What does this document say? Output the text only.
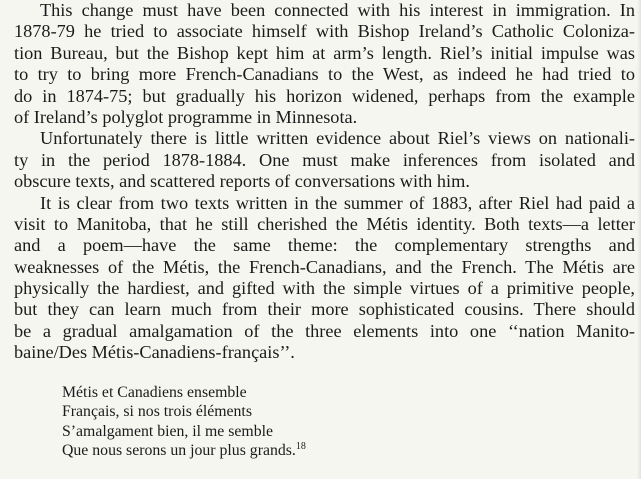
This change must have been connected with his interest in immigration. In
1878-79 he tried to associate himself with Bishop Ireland’s Catholic Coloniza-
tion Bureau, but the Bishop kept him at arm’s length. Riel’s initial impulse was
to try to bring more French-Canadians to the West, as indeed he had tried to
do in 1874-75; but gradually his horizon widened, perhaps from the example
of Ireland’s polyglot programme in Minnesota.
Unfortunately there is little written evidence about Riel’s views on nationali-
ty in the period 1878-1884. One must make inferences from isolated and
obscure texts, and scattered reports of conversations with him.
It is clear from two texts written in the summer of 1883, after Riel had paid a
visit to Manitoba, that he still cherished the Métis identity. Both texts—a letter
and a poem—have the same theme: the complementary strengths and
weaknesses of the Métis, the French-Canadians, and the French. The Métis are
physically the hardiest, and gifted with the simple virtues of a primitive people,
but they can learn much from their more sophisticated cousins. There should
be a gradual amalgamation of the three elements into one ‘‘nation Manito-
baine/Des Métis-Canadiens-français’’.
Métis et Canadiens ensemble
Français, si nos trois éléments
S’amalgament bien, il me semble
Que nous serons un jour plus grands.$^{18}$
